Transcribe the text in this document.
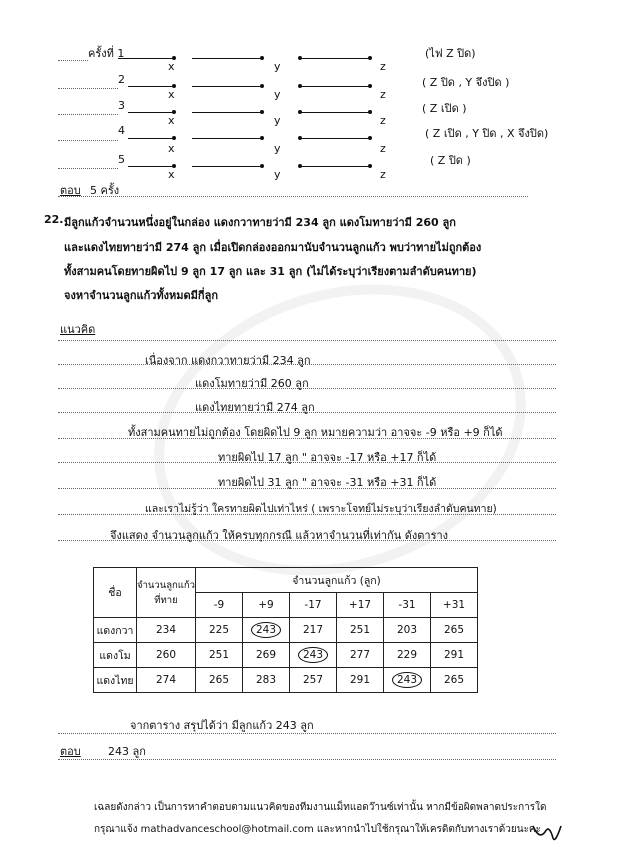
ครั้งที่ 1
x	y	z
(ไฟ Z ปิด)
2
x	y	z
( Z ปิด , Y จึงปิด )
3
x	y	z
( Z เปิด )
4
x	y	z
( Z เปิด , Y ปิด , X จึงปิด)
5
x	y	z
( Z ปิด )
ตอบ 5 ครั้ง
22. มีลูกแก้วจำนวนหนึ่งอยู่ในกล่อง แดงกวาทายว่ามี 234 ลูก แดงโมทายว่ามี 260 ลูก
และแดงไทยทายว่ามี 274 ลูก เมื่อเปิดกล่องออกมานับจำนวนลูกแก้ว พบว่าทายไม่ถูกต้อง
ทั้งสามคนโดยทายผิดไป 9 ลูก 17 ลูก และ 31 ลูก (ไม่ได้ระบุว่าเรียงตามลำดับคนทาย)
จงหาจำนวนลูกแก้วทั้งหมดมีกี่ลูก
แนวคิด
เนื่องจาก แดงกวาทายว่ามี 234 ลูก
แดงโมทายว่ามี 260 ลูก
แดงไทยทายว่ามี 274 ลูก
ทั้งสามคนทายไม่ถูกต้อง โดยผิดไป 9 ลูก หมายความว่า อาจจะ -9 หรือ +9 ก็ได้
ทายผิดไป 17 ลูก " อาจจะ -17 หรือ +17 ก็ได้
ทายผิดไป 31 ลูก " อาจจะ -31 หรือ +31 ก็ได้
และเราไม่รู้ว่า ใครทายผิดไปเท่าไหร่ ( เพราะโจทย์ไม่ระบุว่าเรียงลำดับคนทาย)
จึงแสดง จำนวนลูกแก้ว ให้ครบทุกกรณี แล้วหาจำนวนที่เท่ากัน ดังตาราง
ชื่อ	จำนวนลูกแก้วที่ทาย	จำนวนลูกแก้ว (ลูก)					
		-9	+9	-17	+17	-31	+31
แดงกวา	234	225	243	217	251	203	265
แดงโม	260	251	269	243	277	229	291
แดงไทย	274	265	283	257	291	243	265
จากตาราง สรุปได้ว่า มีลูกแก้ว 243 ลูก
ตอบ 243 ลูก
เฉลยดังกล่าว เป็นการหาคำตอบตามแนวคิดของทีมงานแม็ทแอดว๊านซ์เท่านั้น หากมีข้อผิดพลาดประการใด
กรุณาแจ้ง mathadvanceschool@hotmail.com และหากนำไปใช้กรุณาให้เครดิตกับทางเราด้วยนะคะ
